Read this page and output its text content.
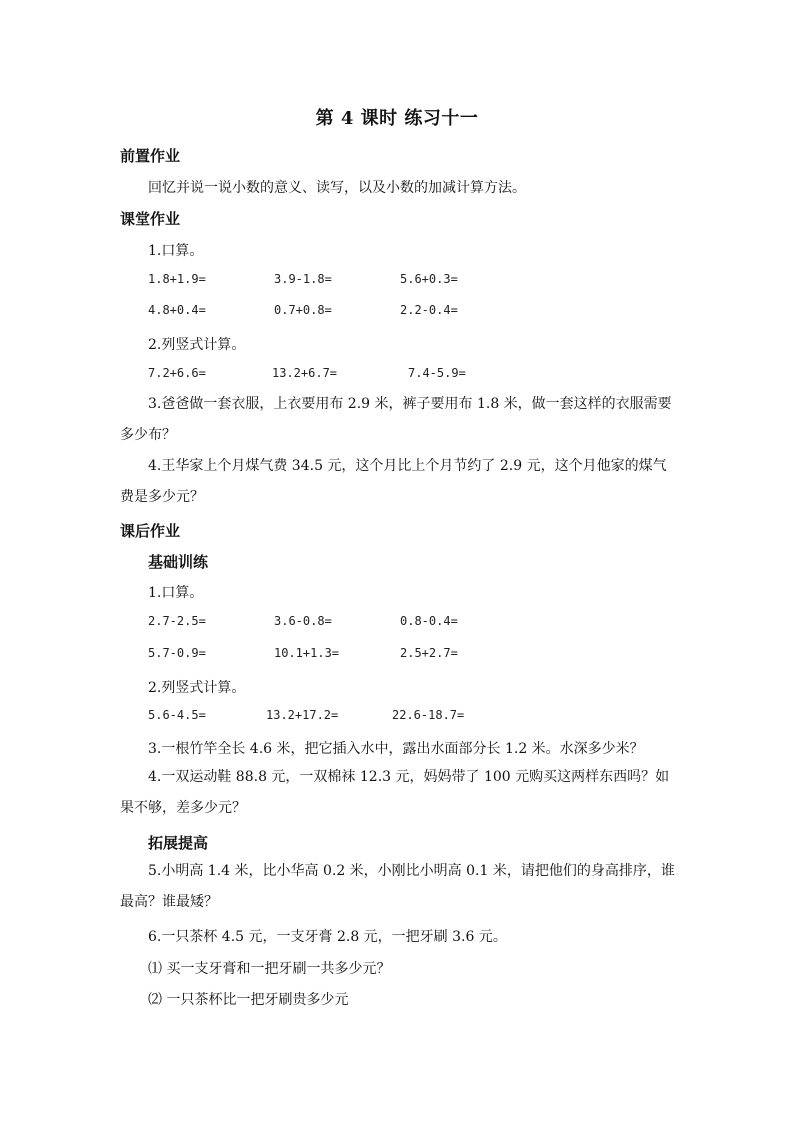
第 4 课时 练习十一
前置作业
回忆并说一说小数的意义、读写，以及小数的加减计算方法。
课堂作业
1.口算。
1.8+1.9=	3.9-1.8=	5.6+0.3=
4.8+0.4=	0.7+0.8=	2.2-0.4=
2.列竖式计算。
7.2+6.6=	13.2+6.7=	7.4-5.9=
3.爸爸做一套衣服，上衣要用布 2.9 米，裤子要用布 1.8 米，做一套这样的衣服需要多少布？
4.王华家上个月煤气费 34.5 元，这个月比上个月节约了 2.9 元，这个月他家的煤气费是多少元？
课后作业
基础训练
1.口算。
2.7-2.5=	3.6-0.8=	0.8-0.4=
5.7-0.9=	10.1+1.3=	2.5+2.7=
2.列竖式计算。
5.6-4.5=	13.2+17.2=	22.6-18.7=
3.一根竹竿全长 4.6 米，把它插入水中，露出水面部分长 1.2 米。水深多少米？
4.一双运动鞋 88.8 元，一双棉袜 12.3 元，妈妈带了 100 元购买这两样东西吗？如果不够，差多少元？
拓展提高
5.小明高 1.4 米，比小华高 0.2 米，小刚比小明高 0.1 米，请把他们的身高排序，谁最高？谁最矮？
6.一只茶杯 4.5 元，一支牙膏 2.8 元，一把牙刷 3.6 元。
⑴ 买一支牙膏和一把牙刷一共多少元？
⑵ 一只茶杯比一把牙刷贵多少元
